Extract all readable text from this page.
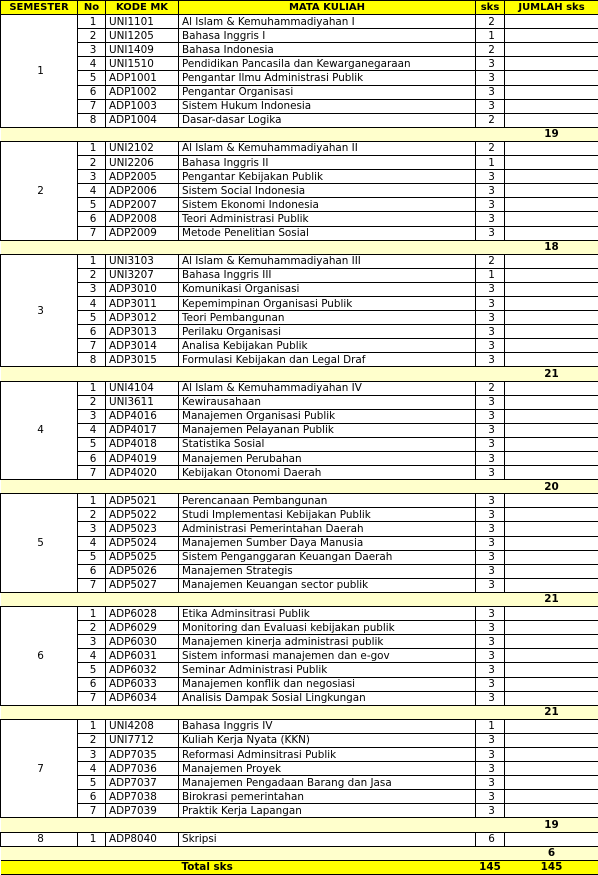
SEMESTER	No	KODE MK	MATA KULIAH	sks	JUMLAH sks
1	1	UNI1101	Al Islam & Kemuhammadiyahan I	2	
	2	UNI1205	Bahasa Inggris I	1	
	3	UNI1409	Bahasa Indonesia	2	
	4	UNI1510	Pendidikan Pancasila dan Kewarganegaraan	3	
	5	ADP1001	Pengantar Ilmu Administrasi Publik	3	
	6	ADP1002	Pengantar Organisasi	3	
	7	ADP1003	Sistem Hukum Indonesia	3	
	8	ADP1004	Dasar-dasar Logika	2	
					19
2	1	UNI2102	Al Islam & Kemuhammadiyahan II	2	
	2	UNI2206	Bahasa Inggris II	1	
	3	ADP2005	Pengantar Kebijakan Publik	3	
	4	ADP2006	Sistem Social Indonesia	3	
	5	ADP2007	Sistem Ekonomi Indonesia	3	
	6	ADP2008	Teori Administrasi Publik	3	
	7	ADP2009	Metode Penelitian Sosial	3	
					18
3	1	UNI3103	Al Islam & Kemuhammadiyahan III	2	
	2	UNI3207	Bahasa Inggris III	1	
	3	ADP3010	Komunikasi Organisasi	3	
	4	ADP3011	Kepemimpinan Organisasi Publik	3	
	5	ADP3012	Teori Pembangunan	3	
	6	ADP3013	Perilaku Organisasi	3	
	7	ADP3014	Analisa Kebijakan Publik	3	
	8	ADP3015	Formulasi Kebijakan dan Legal Draf	3	
					21
4	1	UNI4104	Al Islam & Kemuhammadiyahan IV	2	
	2	UNI3611	Kewirausahaan	3	
	3	ADP4016	Manajemen Organisasi Publik	3	
	4	ADP4017	Manajemen Pelayanan Publik	3	
	5	ADP4018	Statistika Sosial	3	
	6	ADP4019	Manajemen Perubahan	3	
	7	ADP4020	Kebijakan Otonomi Daerah	3	
					20
5	1	ADP5021	Perencanaan Pembangunan	3	
	2	ADP5022	Studi Implementasi Kebijakan Publik	3	
	3	ADP5023	Administrasi Pemerintahan Daerah	3	
	4	ADP5024	Manajemen Sumber Daya Manusia	3	
	5	ADP5025	Sistem Penganggaran Keuangan Daerah	3	
	6	ADP5026	Manajemen Strategis	3	
	7	ADP5027	Manajemen Keuangan sector publik	3	
					21
6	1	ADP6028	Etika Adminsitrasi Publik	3	
	2	ADP6029	Monitoring dan Evaluasi kebijakan publik	3	
	3	ADP6030	Manajemen kinerja administrasi publik	3	
	4	ADP6031	Sistem informasi manajemen dan e-gov	3	
	5	ADP6032	Seminar Administrasi Publik	3	
	6	ADP6033	Manajemen konflik dan negosiasi	3	
	7	ADP6034	Analisis Dampak Sosial Lingkungan	3	
					21
7	1	UNI4208	Bahasa Inggris IV	1	
	2	UNI7712	Kuliah Kerja Nyata (KKN)	3	
	3	ADP7035	Reformasi Adminsitrasi Publik	3	
	4	ADP7036	Manajemen Proyek	3	
	5	ADP7037	Manajemen Pengadaan Barang dan Jasa	3	
	6	ADP7038	Birokrasi pemerintahan	3	
	7	ADP7039	Praktik Kerja Lapangan	3	
					19
8	1	ADP8040	Skripsi	6	
					6
			Total sks	145	145
